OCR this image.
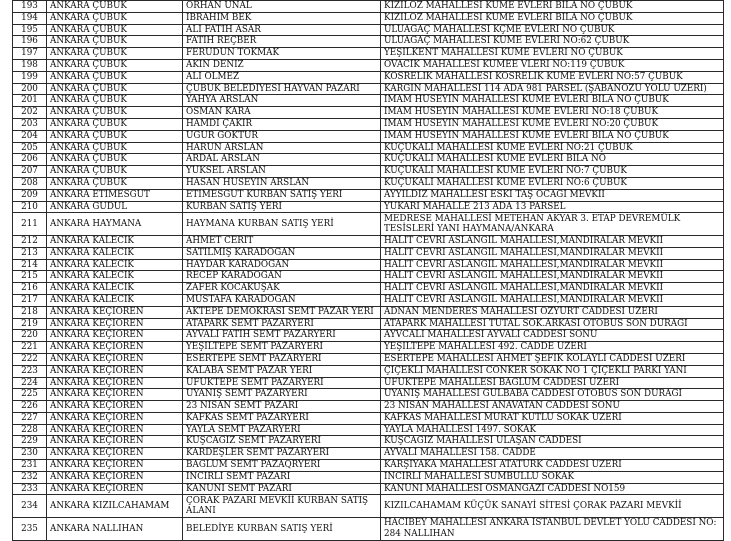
193	ANKARA ÇUBUK	ORHAN ÜNAL	KIZILÖZ MAHALLESİ KÜME EVLERİ BİLA NO ÇUBUK
194	ANKARA ÇUBUK	İBRAHİM BEK	KIZILÖZ MAHALLESİ KÜME EVLERİ BİLA NO ÇUBUK
195	ANKARA ÇUBUK	ALİ FATİH ASAR	ULUAĞAÇ MAHALLESİ KÇME EVLERİ NO ÇUBUK
196	ANKARA ÇUBUK	FATİH REÇBER	ULUAĞAÇ MAHALLESİ KÜME EVLERİ NO:62 ÇUBUK
197	ANKARA ÇUBUK	FERUDUN TOKMAK	YEŞİLKENT MAHALLESİ KÜME EVLERİ NO ÇUBUK
198	ANKARA ÇUBUK	AKIN DENİZ	OVACIK MAHALLESİ KÜMEE VLERİ NO:119 ÇUBUK
199	ANKARA ÇUBUK	ALİ ÖLMEZ	KÖSRELİK MAHALLESİ KÖSRELİK KÜME EVLERİ NO:57 ÇUBUK
200	ANKARA ÇUBUK	ÇUBUK BELEDİYESİ HAYVAN PAZARI	KARGIN MAHALLESİ 114 ADA 981 PARSEL (ŞABANÖZÜ YOLU ÜZERİ)
201	ANKARA ÇUBUK	YAHYA ARSLAN	İMAM HÜSEYİN MAHALLESİ KÜME EVLERİ BİLA NO ÇUBUK
202	ANKARA ÇUBUK	OSMAN KARA	İMAM HÜSEYİN MAHALLESİ KÜME EVLERİ NO:18 ÇUBUK
203	ANKARA ÇUBUK	HAMDİ ÇAKIR	İMAM HÜSEYİN MAHALLESİ KÜME EVLERİ NO:20 ÇUBUK
204	ANKARA ÇUBUK	UĞUR GÖKTÜR	İMAM HÜSEYİN MAHALLESİ KÜME EVLERİ BİLA NO ÇUBUK
205	ANKARA ÇUBUK	HARUN ARSLAN	KÜÇÜKALİ MAHALLESİ KÜME EVLERİ NO:21 ÇUBUK
206	ANKARA ÇUBUK	ARDAL ARSLAN	KÜÇÜKALİ MAHALLESİ KÜME EVLERİ BİLA NO
207	ANKARA ÇUBUK	YÜKSEL ARSLAN	KÜÇÜKALİ MAHALLESİ KÜME EVLERİ NO:7 ÇUBUK
208	ANKARA ÇUBUK	HASAN HÜSEYİN ARSLAN	KÜÇÜKALİ MAHALLESİ KÜME EVLERİ NO:6 ÇUBUK
209	ANKARA ETİMESGUT	ETİMESGUT KURBAN SATIŞ YERİ	AYYILDIZ MAHALLESİ ESKİ TAŞ OCAĞI MEVKİİ
210	ANKARA GÜDÜL	KURBAN SATIŞ YERİ	YUKARI MAHALLE 213 ADA 13 PARSEL
211	ANKARA HAYMANA	HAYMANA KURBAN SATIŞ YERİ	MEDRESE MAHALLESİ METEHAN AKYAR 3. ETAP DEVREMÜLK TESİSLERİ YANI HAYMANA/ANKARA
212	ANKARA KALECİK	AHMET CERİT	HALİT CEVRİ ASLANGİL MAHALLESİ,MANDIRALAR MEVKİİ
213	ANKARA KALECİK	SATILMIŞ KARADOĞAN	HALİT CEVRİ ASLANGİL MAHALLESİ,MANDIRALAR MEVKİİ
214	ANKARA KALECİK	HAYDAR KARADOĞAN	HALİT CEVRİ ASLANGİL MAHALLESİ,MANDIRALAR MEVKİİ
215	ANKARA KALECİK	RECEP KARADOĞAN	HALİT CEVRİ ASLANGİL MAHALLESİ,MANDIRALAR MEVKİİ
216	ANKARA KALECİK	ZAFER KOCAKUŞAK	HALİT CEVRİ ASLANGİL MAHALLESİ,MANDIRALAR MEVKİİ
217	ANKARA KALECİK	MUSTAFA KARADOĞAN	HALİT CEVRİ ASLANGİL MAHALLESİ,MANDIRALAR MEVKİİ
218	ANKARA KEÇİÖREN	AKTEPE DEMOKRASI SEMT PAZAR YERİ	ADNAN MENDERES MAHALLESİ ÖZYURT CADDESİ ÜZERİ
219	ANKARA KEÇİÖREN	ATAPARK SEMT PAZARYERİ	ATAPARK MAHALLESİ TUTAL SOK.ARKASI OTOBÜS SON DURAĞI
220	ANKARA KEÇİÖREN	AYVALI FATİH SEMT PAZARYERİ	AYVCALI MAHALLESİ AYVALI CADDESİ SONU
221	ANKARA KEÇİÖREN	YEŞİLTEPE SEMT PAZARYERİ	YEŞİLTEPE MAHALLESİ 492. CADDE ÜZERİ
222	ANKARA KEÇİÖREN	ESERTEPE SEMT PAZARYERİ	ESERTEPE MAHALLESİ AHMET ŞEFİK KOLAYLI CADDESİ ÜZERİ
223	ANKARA KEÇİÖREN	KALABA SEMT PAZAR YERİ	ÇİÇEKLİ MAHALLESİ CONKER SOKAK NO 1 ÇİÇEKLİ PARKI YANI
224	ANKARA KEÇİÖREN	UFUKTEPE SEMT PAZARYERİ	UFUKTEPE MAHALLESİ BAĞLUM CADDESİ ÜZERİ
225	ANKARA KEÇİÖREN	UYANIŞ SEMT PAZARYERİ	UYANIŞ MAHALLESİ GÜLBABA CADDESİ OTOBÜS SON DURAĞI
226	ANKARA KEÇİÖREN	23 NİSAN SEMT PAZARI	23 NİSAN MAHALLESİ ANAVATAN CADDESİ SONU
227	ANKARA KEÇİÖREN	KAFKAS SEMT PAZARYERİ	KAFKAS MAHALLESİ MURAT KUTLU SOKAK ÜZERİ
228	ANKARA KEÇİÖREN	YAYLA SEMT PAZARYERİ	YAYLA MAHALLESİ 1497. SOKAK
229	ANKARA KEÇİÖREN	KUŞCAĞIZ SEMT PAZARYERİ	KUŞCAĞIZ MAHALLESİ ULAŞAN CADDESİ
230	ANKARA KEÇİÖREN	KARDEŞLER SEMT PAZARYERİ	AYVALI MAHALLESİ 158. CADDE
231	ANKARA KEÇİÖREN	BAĞLUM SEMT PAZAQRYERİ	KARŞIYAKA MAHALLESİ ATATÜRK CADDESİ ÜZERİ
232	ANKARA KEÇİÖREN	İNCİRLİ SEMT PAZARI	İNCİRLİ MAHALLESİ SÜMBÜLLÜ SOKAK
233	ANKARA KEÇİÖREN	KANUNİ SEMT PAZARI	KANUNİ MAHALLESİ OSMANGAZİ CADDESİ NO159
234	ANKARA KIZILCAHAMAM	ÇORAK PAZARI MEVKİİ KURBAN SATIŞ ALANI	KIZILCAHAMAM KÜÇÜK SANAYİ SİTESİ ÇORAK PAZARI MEVKİİ
235	ANKARA NALLIHAN	BELEDİYE KURBAN SATIŞ YERİ	HACIBEY MAHALLESİ ANKARA İSTANBUL DEVLET YOLU CADDESİ NO: 284 NALLIHAN
